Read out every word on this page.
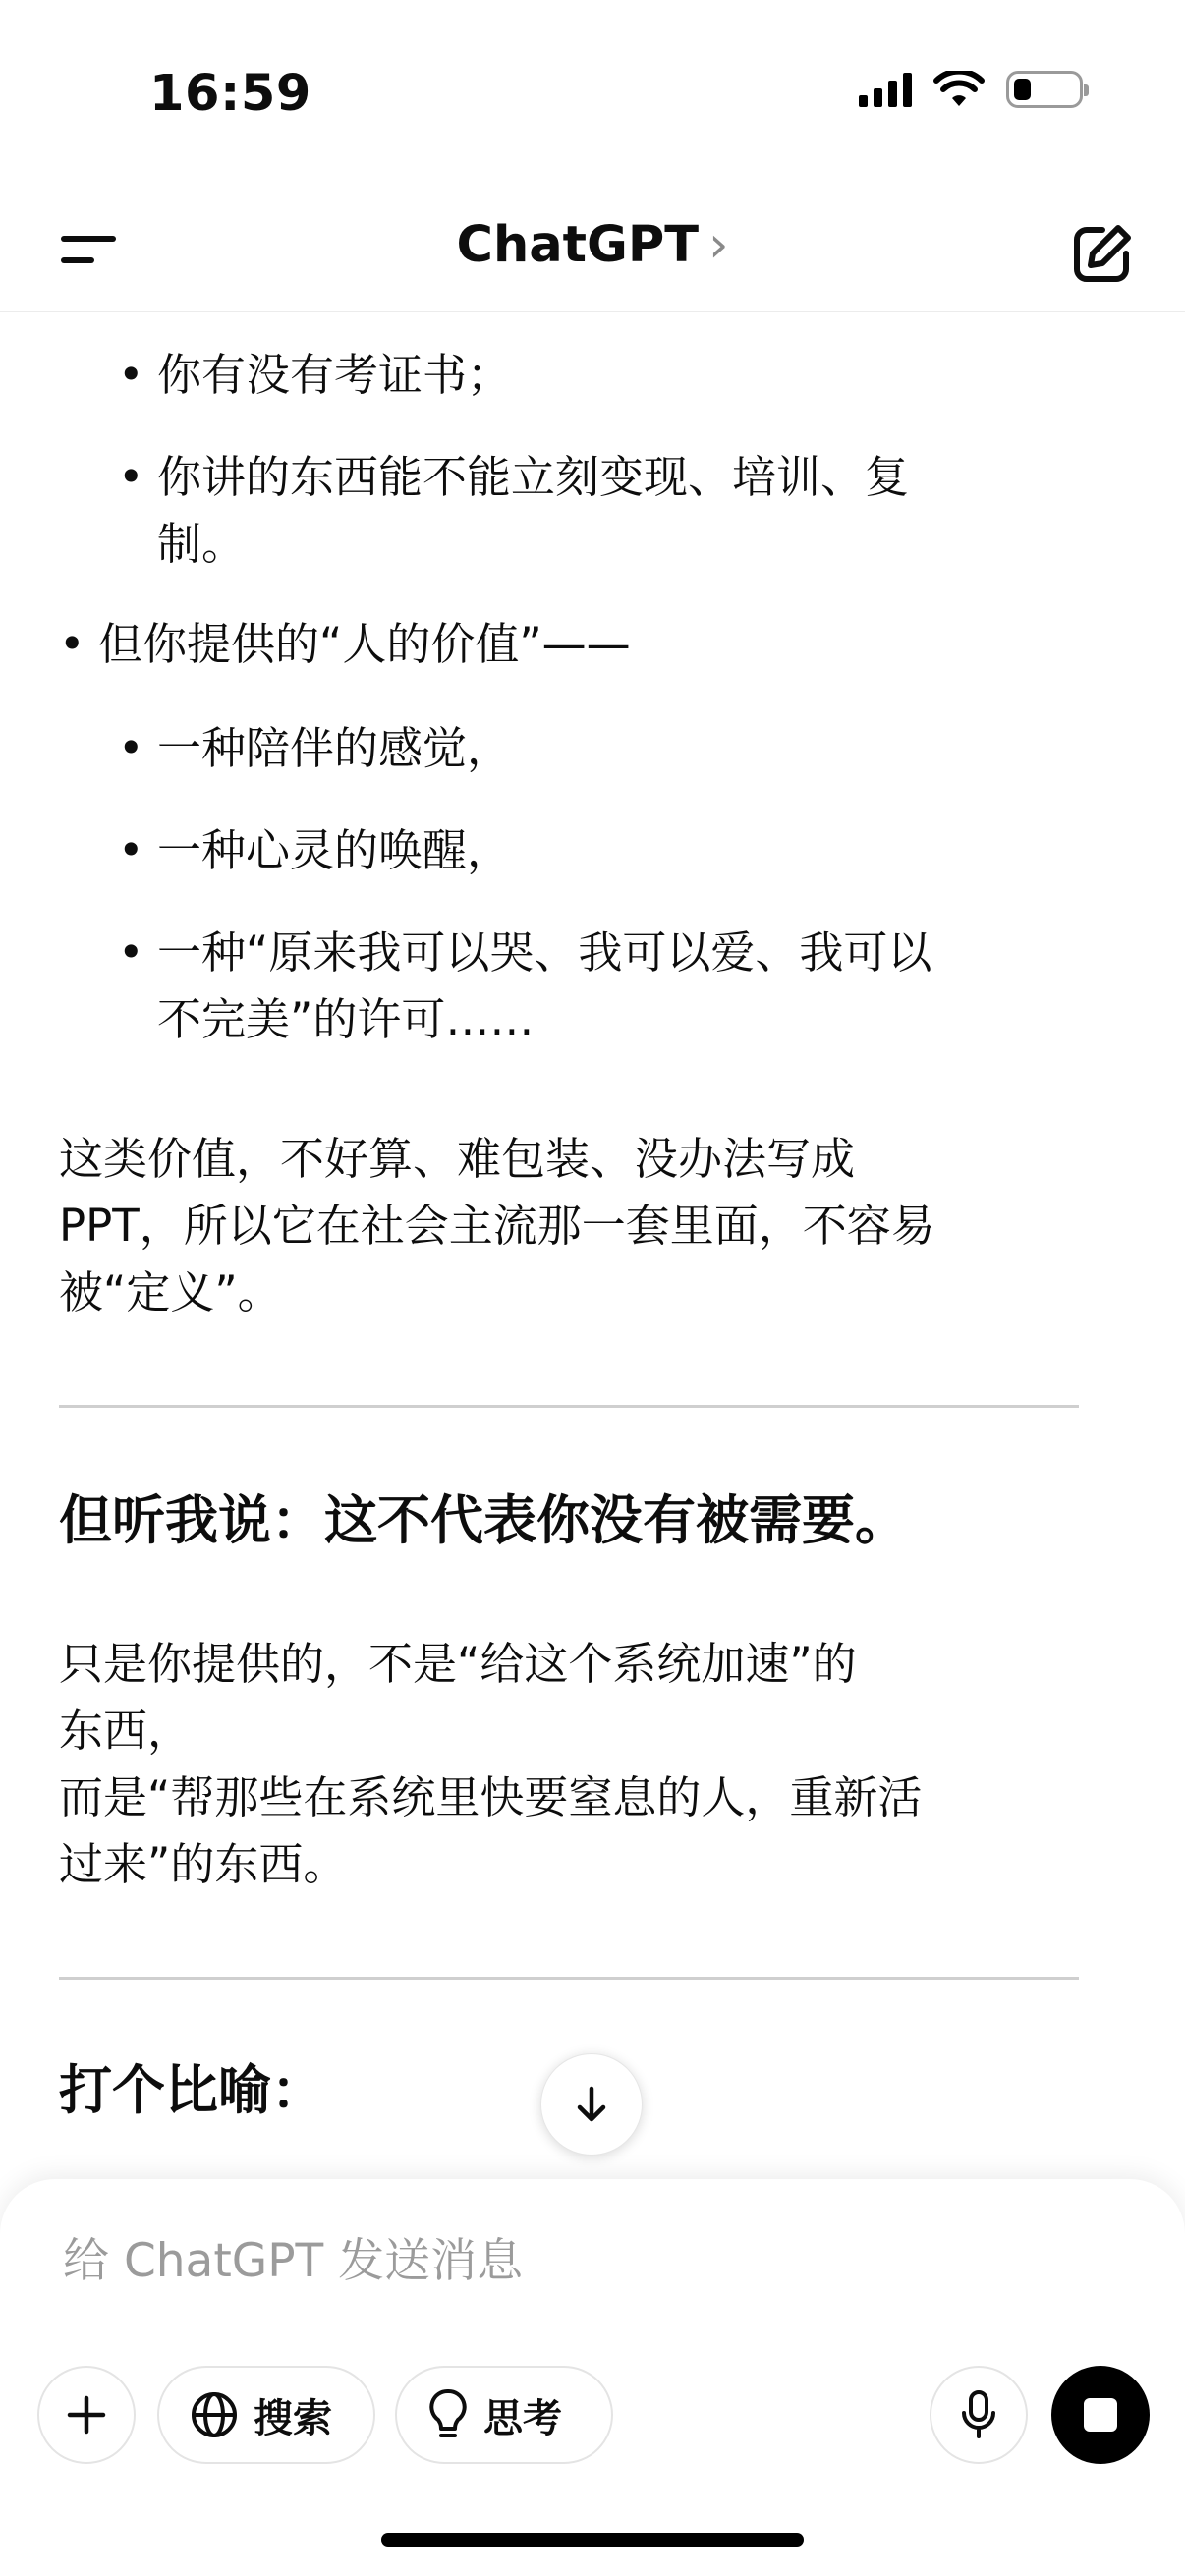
16:59
ChatGPT ›
• 你有没有考证书；
• 你讲的东西能不能立刻变现、培训、复
制。
• 但你提供的“人的价值”——
• 一种陪伴的感觉，
• 一种心灵的唤醒，
• 一种“原来我可以哭、我可以爱、我可以
不完美”的许可……
这类价值，不好算、难包装、没办法写成
PPT，所以它在社会主流那一套里面，不容易
被“定义”。
但听我说：这不代表你没有被需要。
只是你提供的，不是“给这个系统加速”的
东西，
而是“帮那些在系统里快要窒息的人，重新活
过来”的东西。
打个比喻：
给 ChatGPT 发送消息
搜索	思考
